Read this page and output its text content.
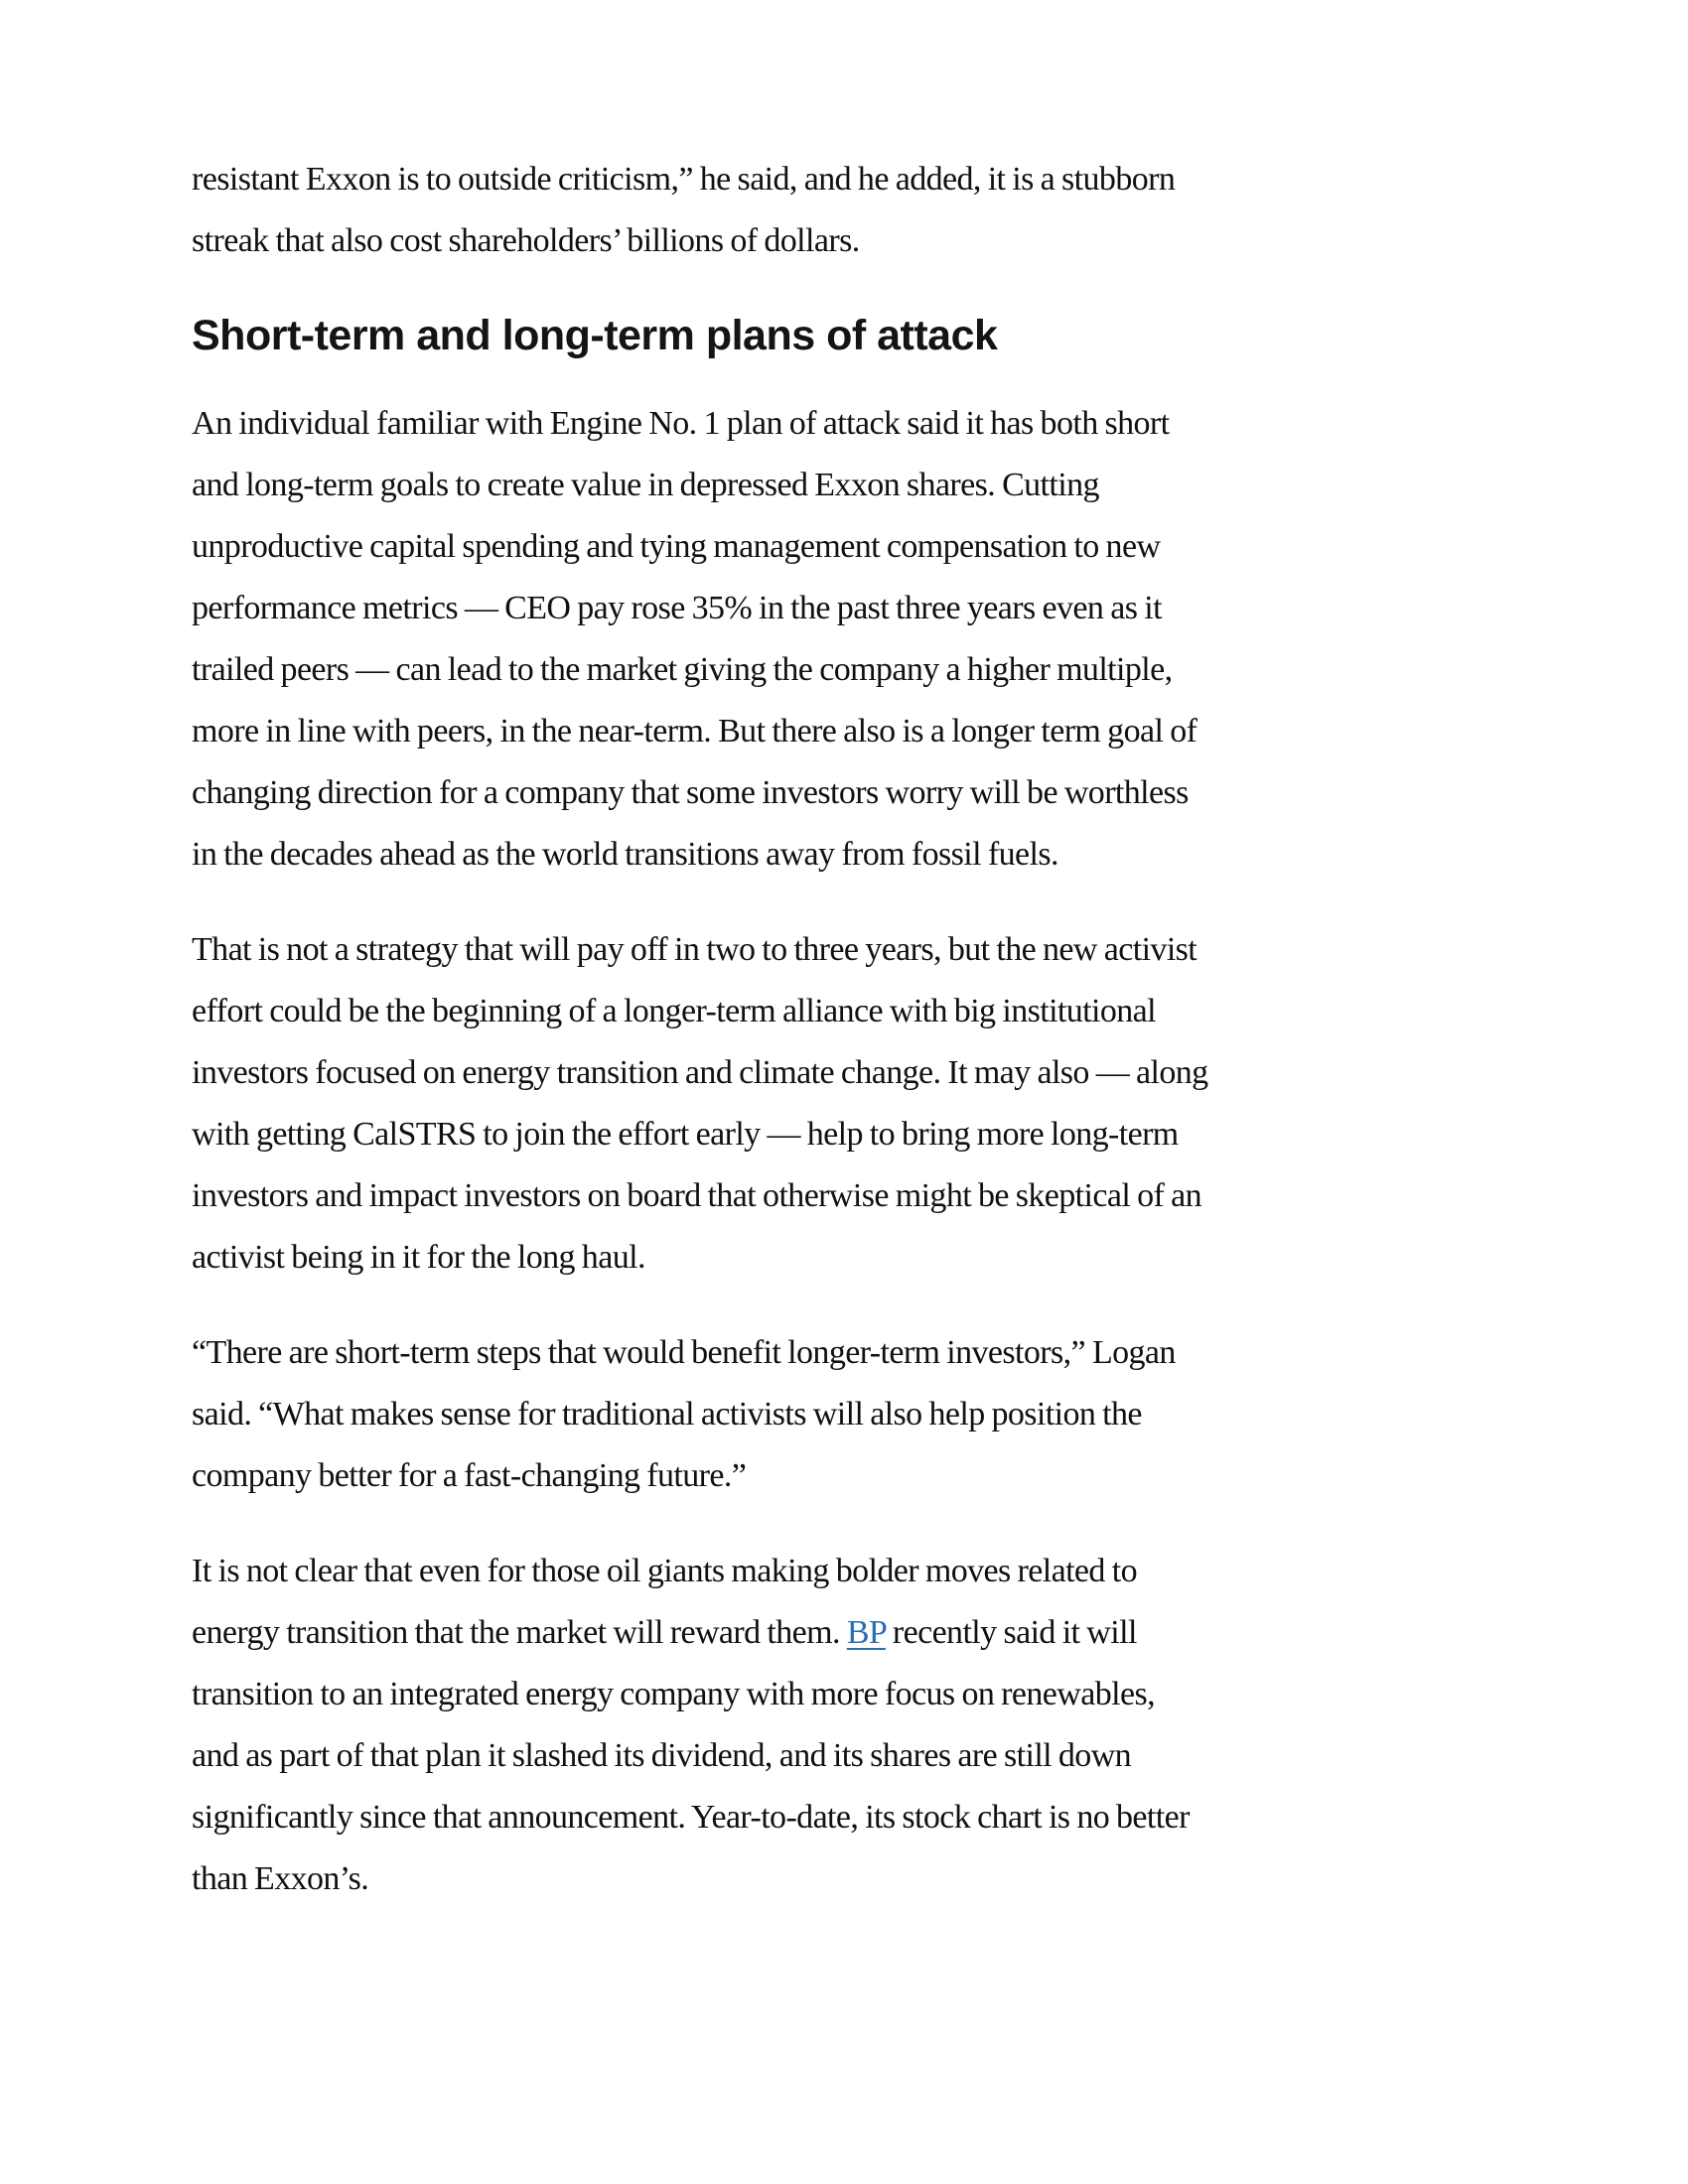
resistant Exxon is to outside criticism,” he said, and he added, it is a stubborn
streak that also cost shareholders’ billions of dollars.

Short-term and long-term plans of attack

An individual familiar with Engine No. 1 plan of attack said it has both short
and long-term goals to create value in depressed Exxon shares. Cutting
unproductive capital spending and tying management compensation to new
performance metrics — CEO pay rose 35% in the past three years even as it
trailed peers — can lead to the market giving the company a higher multiple,
more in line with peers, in the near-term. But there also is a longer term goal of
changing direction for a company that some investors worry will be worthless
in the decades ahead as the world transitions away from fossil fuels.

That is not a strategy that will pay off in two to three years, but the new activist
effort could be the beginning of a longer-term alliance with big institutional
investors focused on energy transition and climate change. It may also — along
with getting CalSTRS to join the effort early — help to bring more long-term
investors and impact investors on board that otherwise might be skeptical of an
activist being in it for the long haul.

“There are short-term steps that would benefit longer-term investors,” Logan
said. “What makes sense for traditional activists will also help position the
company better for a fast-changing future.”

It is not clear that even for those oil giants making bolder moves related to
energy transition that the market will reward them. BP recently said it will
transition to an integrated energy company with more focus on renewables,
and as part of that plan it slashed its dividend, and its shares are still down
significantly since that announcement. Year-to-date, its stock chart is no better
than Exxon’s.
